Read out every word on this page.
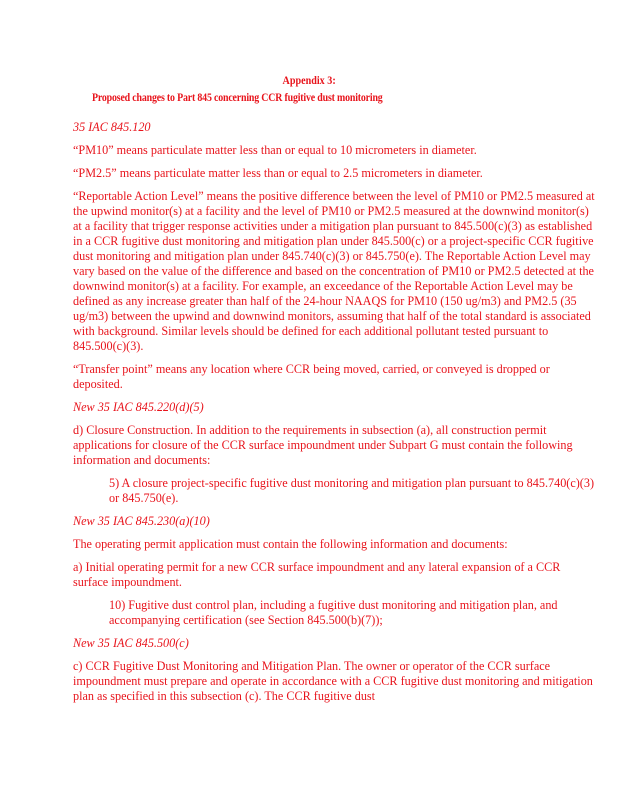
Appendix 3:
Proposed changes to Part 845 concerning CCR fugitive dust monitoring

35 IAC 845.120

“PM10” means particulate matter less than or equal to 10 micrometers in diameter.

“PM2.5” means particulate matter less than or equal to 2.5 micrometers in diameter.

“Reportable Action Level” means the positive difference between the level of PM10 or PM2.5 measured at the upwind monitor(s) at a facility and the level of PM10 or PM2.5 measured at the downwind monitor(s) at a facility that trigger response activities under a mitigation plan pursuant to 845.500(c)(3) as established in a CCR fugitive dust monitoring and mitigation plan under 845.500(c) or a project-specific CCR fugitive dust monitoring and mitigation plan under 845.740(c)(3) or 845.750(e). The Reportable Action Level may vary based on the value of the difference and based on the concentration of PM10 or PM2.5 detected at the downwind monitor(s) at a facility. For example, an exceedance of the Reportable Action Level may be defined as any increase greater than half of the 24-hour NAAQS for PM10 (150 ug/m3) and PM2.5 (35 ug/m3) between the upwind and downwind monitors, assuming that half of the total standard is associated with background. Similar levels should be defined for each additional pollutant tested pursuant to 845.500(c)(3).

“Transfer point” means any location where CCR being moved, carried, or conveyed is dropped or deposited.

New 35 IAC 845.220(d)(5)

d) Closure Construction. In addition to the requirements in subsection (a), all construction permit applications for closure of the CCR surface impoundment under Subpart G must contain the following information and documents:

5) A closure project-specific fugitive dust monitoring and mitigation plan pursuant to 845.740(c)(3) or 845.750(e).

New 35 IAC 845.230(a)(10)

The operating permit application must contain the following information and documents:

a) Initial operating permit for a new CCR surface impoundment and any lateral expansion of a CCR surface impoundment.

10) Fugitive dust control plan, including a fugitive dust monitoring and mitigation plan, and accompanying certification (see Section 845.500(b)(7));

New 35 IAC 845.500(c)

c) CCR Fugitive Dust Monitoring and Mitigation Plan. The owner or operator of the CCR surface impoundment must prepare and operate in accordance with a CCR fugitive dust monitoring and mitigation plan as specified in this subsection (c). The CCR fugitive dust
